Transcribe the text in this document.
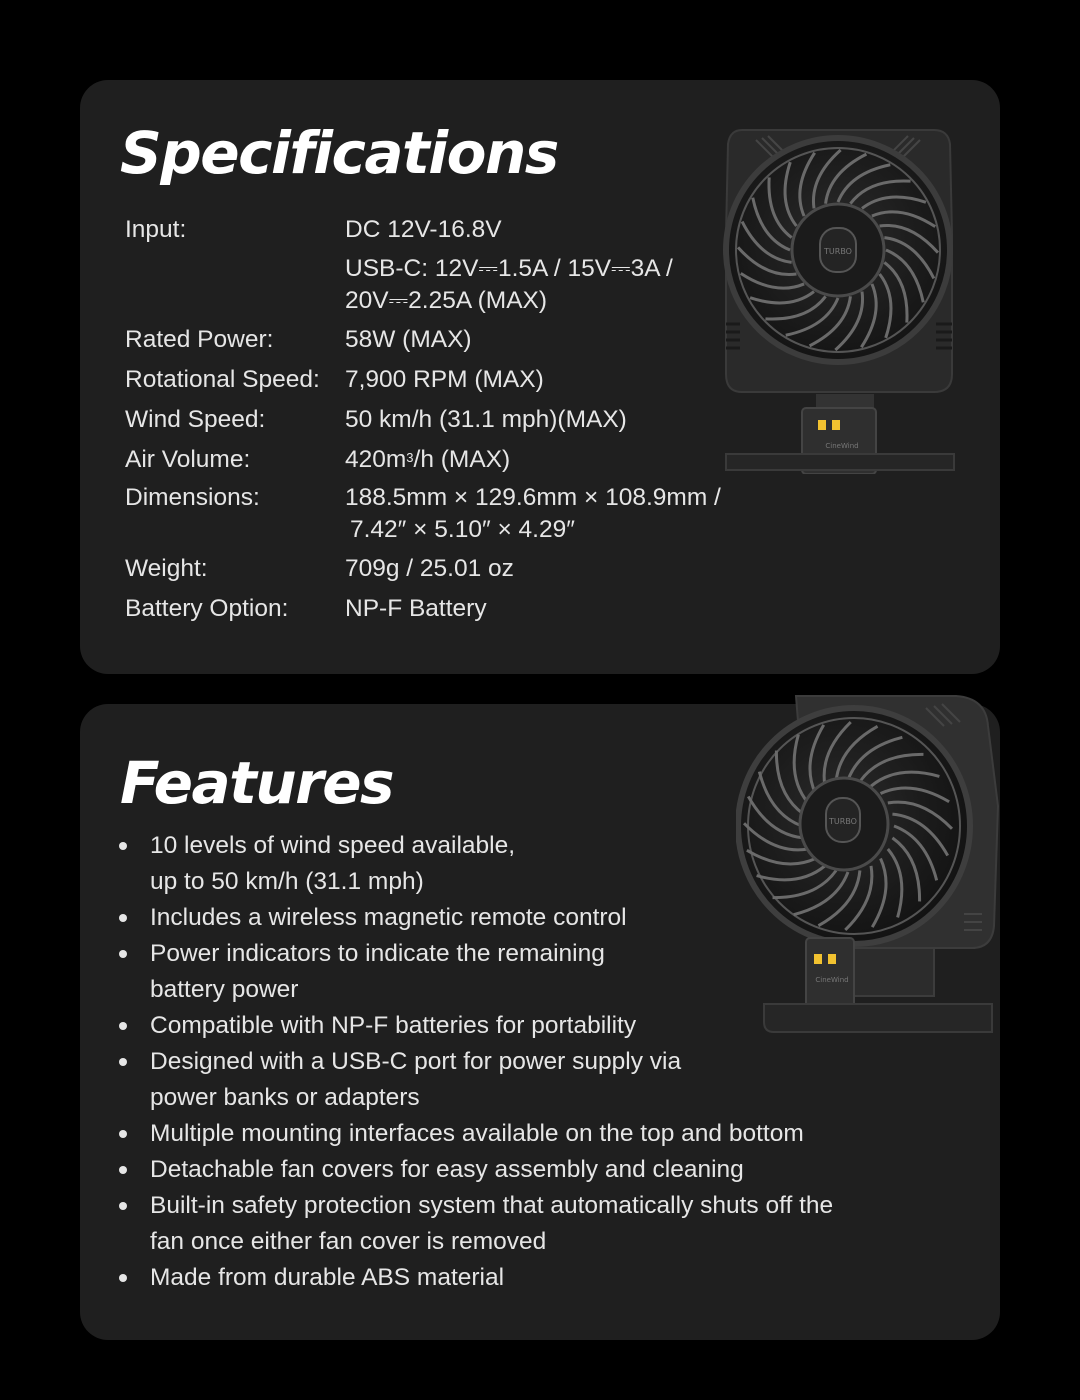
Specifications
Input:	DC 12V-16.8V
USB-C: 12V⎓1.5A / 15V⎓3A /
20V⎓2.25A (MAX)
Rated Power:	58W (MAX)
Rotational Speed: 7,900 RPM (MAX)
Wind Speed:	50 km/h (31.1 mph)(MAX)
Air Volume:	$420m^3/h$ (MAX)
Dimensions:	188.5mm × 129.6mm × 108.9mm /
7.42″ × 5.10″ × 4.29″
Weight:	709g / 25.01 oz
Battery Option: NP-F Battery
TURBO
CineWind
Features
10 levels of wind speed available,
up to 50 km/h (31.1 mph)
Includes a wireless magnetic remote control
Power indicators to indicate the remaining
battery power
Compatible with NP-F batteries for portability
Designed with a USB-C port for power supply via
power banks or adapters
Multiple mounting interfaces available on the top and bottom
Detachable fan covers for easy assembly and cleaning
Built-in safety protection system that automatically shuts off the
fan once either fan cover is removed
Made from durable ABS material
TURBO
CineWind
